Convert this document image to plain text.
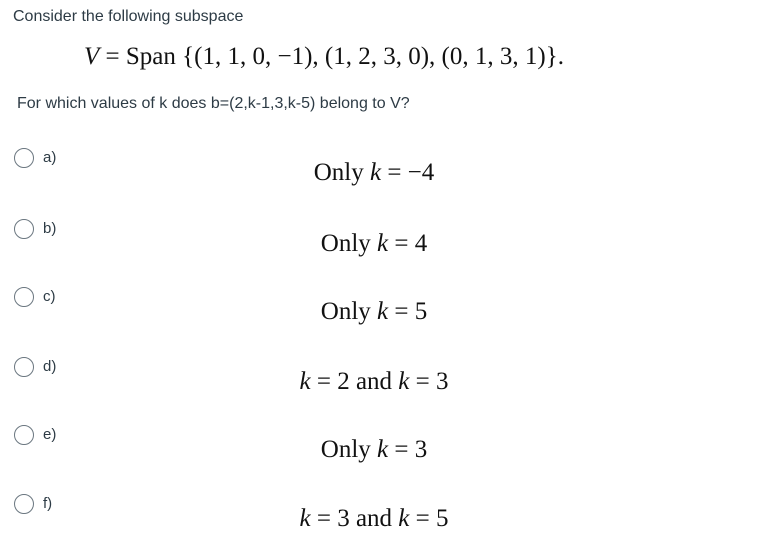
Consider the following subspace
V = Span {(1, 1, 0, −1), (1, 2, 3, 0), (0, 1, 3, 1)}.
For which values of k does b=(2,k-1,3,k-5) belong to V?
a)
Only k = −4
b)
Only k = 4
c)
Only k = 5
d)
k = 2 and k = 3
e)
Only k = 3
f)
k = 3 and k = 5
